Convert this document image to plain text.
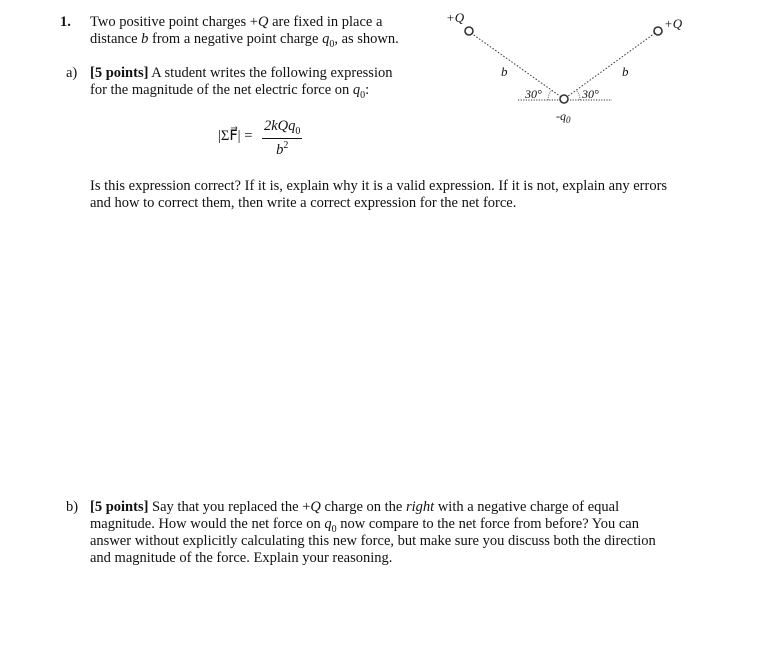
1. Two positive point charges +Q are fixed in place a
distance b from a negative point charge $q_0$, as shown.
a) [5 points] A student writes the following expression
for the magnitude of the net electric force on $q_0$:
|ΣF⃗| =
2kQq$_0$
$b^2$
Is this expression correct? If it is, explain why it is a valid expression. If it is not, explain any errors
and how to correct them, then write a correct expression for the net force.
b) [5 points] Say that you replaced the +Q charge on the right with a negative charge of equal
magnitude. How would the net force on $q_0$ now compare to the net force from before? You can
answer without explicitly calculating this new force, but make sure you discuss both the direction
and magnitude of the force. Explain your reasoning.
+Q	+Q
b	b
30°	30°
$-q_0$
